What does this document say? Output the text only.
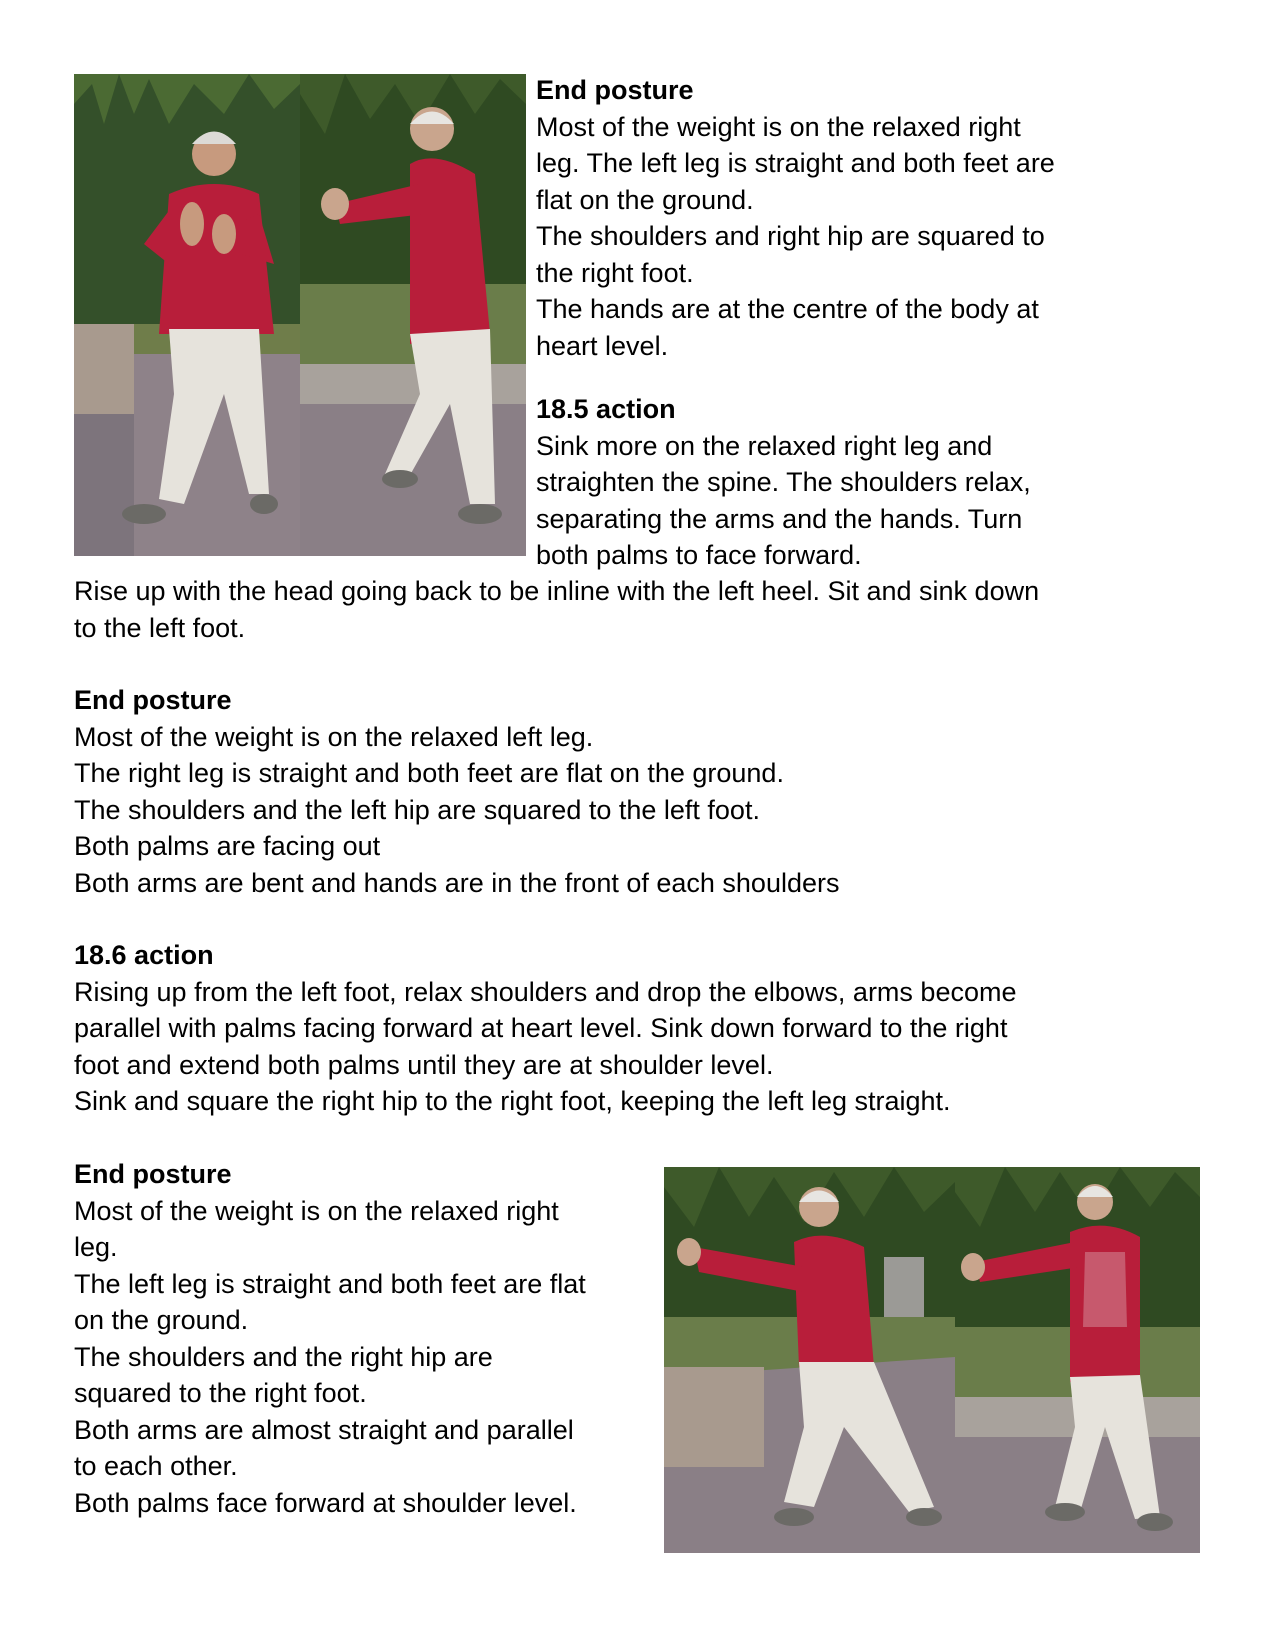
End posture
Most of the weight is on the relaxed right
leg. The left leg is straight and both feet are
flat on the ground.
The shoulders and right hip are squared to
the right foot.
The hands are at the centre of the body at
heart level.
18.5 action
Sink more on the relaxed right leg and
straighten the spine. The shoulders relax,
separating the arms and the hands. Turn
both palms to face forward.
Rise up with the head going back to be inline with the left heel. Sit and sink down
to the left foot.
End posture
Most of the weight is on the relaxed left leg.
The right leg is straight and both feet are flat on the ground.
The shoulders and the left hip are squared to the left foot.
Both palms are facing out
Both arms are bent and hands are in the front of each shoulders
18.6 action
Rising up from the left foot, relax shoulders and drop the elbows, arms become
parallel with palms facing forward at heart level. Sink down forward to the right
foot and extend both palms until they are at shoulder level.
Sink and square the right hip to the right foot, keeping the left leg straight.
End posture
Most of the weight is on the relaxed right
leg.
The left leg is straight and both feet are flat
on the ground.
The shoulders and the right hip are
squared to the right foot.
Both arms are almost straight and parallel
to each other.
Both palms face forward at shoulder level.
